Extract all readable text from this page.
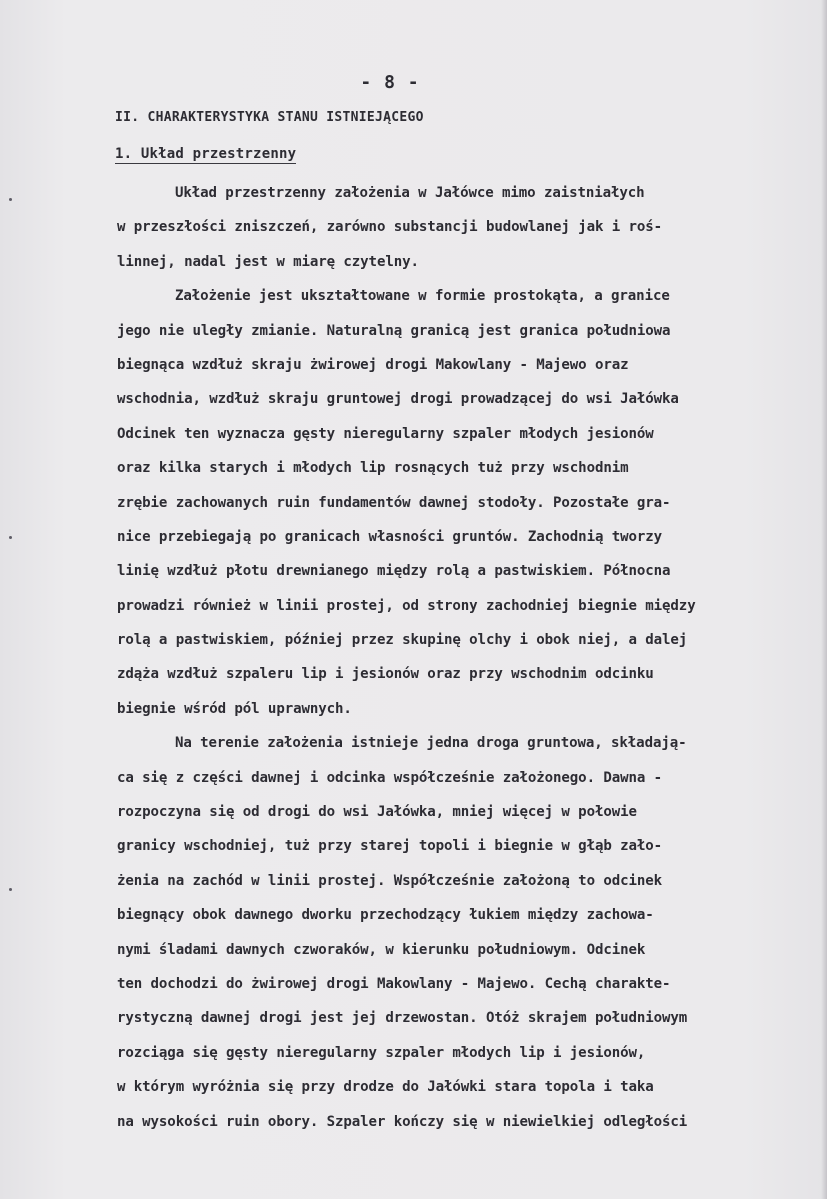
- 8 -
II. CHARAKTERYSTYKA STANU ISTNIEJĄCEGO
1. Układ przestrzenny
Układ przestrzenny założenia w Jałówce mimo zaistniałych
w przeszłości zniszczeń, zarówno substancji budowlanej jak i roś-
linnej, nadal jest w miarę czytelny.
Założenie jest ukształtowane w formie prostokąta, a granice
jego nie uległy zmianie. Naturalną granicą jest granica południowa
biegnąca wzdłuż skraju żwirowej drogi Makowlany - Majewo oraz
wschodnia, wzdłuż skraju gruntowej drogi prowadzącej do wsi Jałówka
Odcinek ten wyznacza gęsty nieregularny szpaler młodych jesionów
oraz kilka starych i młodych lip rosnących tuż przy wschodnim
zrębie zachowanych ruin fundamentów dawnej stodoły. Pozostałe gra-
nice przebiegają po granicach własności gruntów. Zachodnią tworzy
linię wzdłuż płotu drewnianego między rolą a pastwiskiem. Północna
prowadzi również w linii prostej, od strony zachodniej biegnie między
rolą a pastwiskiem, później przez skupinę olchy i obok niej, a dalej
zdąża wzdłuż szpaleru lip i jesionów oraz przy wschodnim odcinku
biegnie wśród pól uprawnych.
Na terenie założenia istnieje jedna droga gruntowa, składają-
ca się z części dawnej i odcinka współcześnie założonego. Dawna -
rozpoczyna się od drogi do wsi Jałówka, mniej więcej w połowie
granicy wschodniej, tuż przy starej topoli i biegnie w głąb zało-
żenia na zachód w linii prostej. Współcześnie założoną to odcinek
biegnący obok dawnego dworku przechodzący łukiem między zachowa-
nymi śladami dawnych czworaków, w kierunku południowym. Odcinek
ten dochodzi do żwirowej drogi Makowlany - Majewo. Cechą charakte-
rystyczną dawnej drogi jest jej drzewostan. Otóż skrajem południowym
rozciąga się gęsty nieregularny szpaler młodych lip i jesionów,
w którym wyróżnia się przy drodze do Jałówki stara topola i taka
na wysokości ruin obory. Szpaler kończy się w niewielkiej odległości
